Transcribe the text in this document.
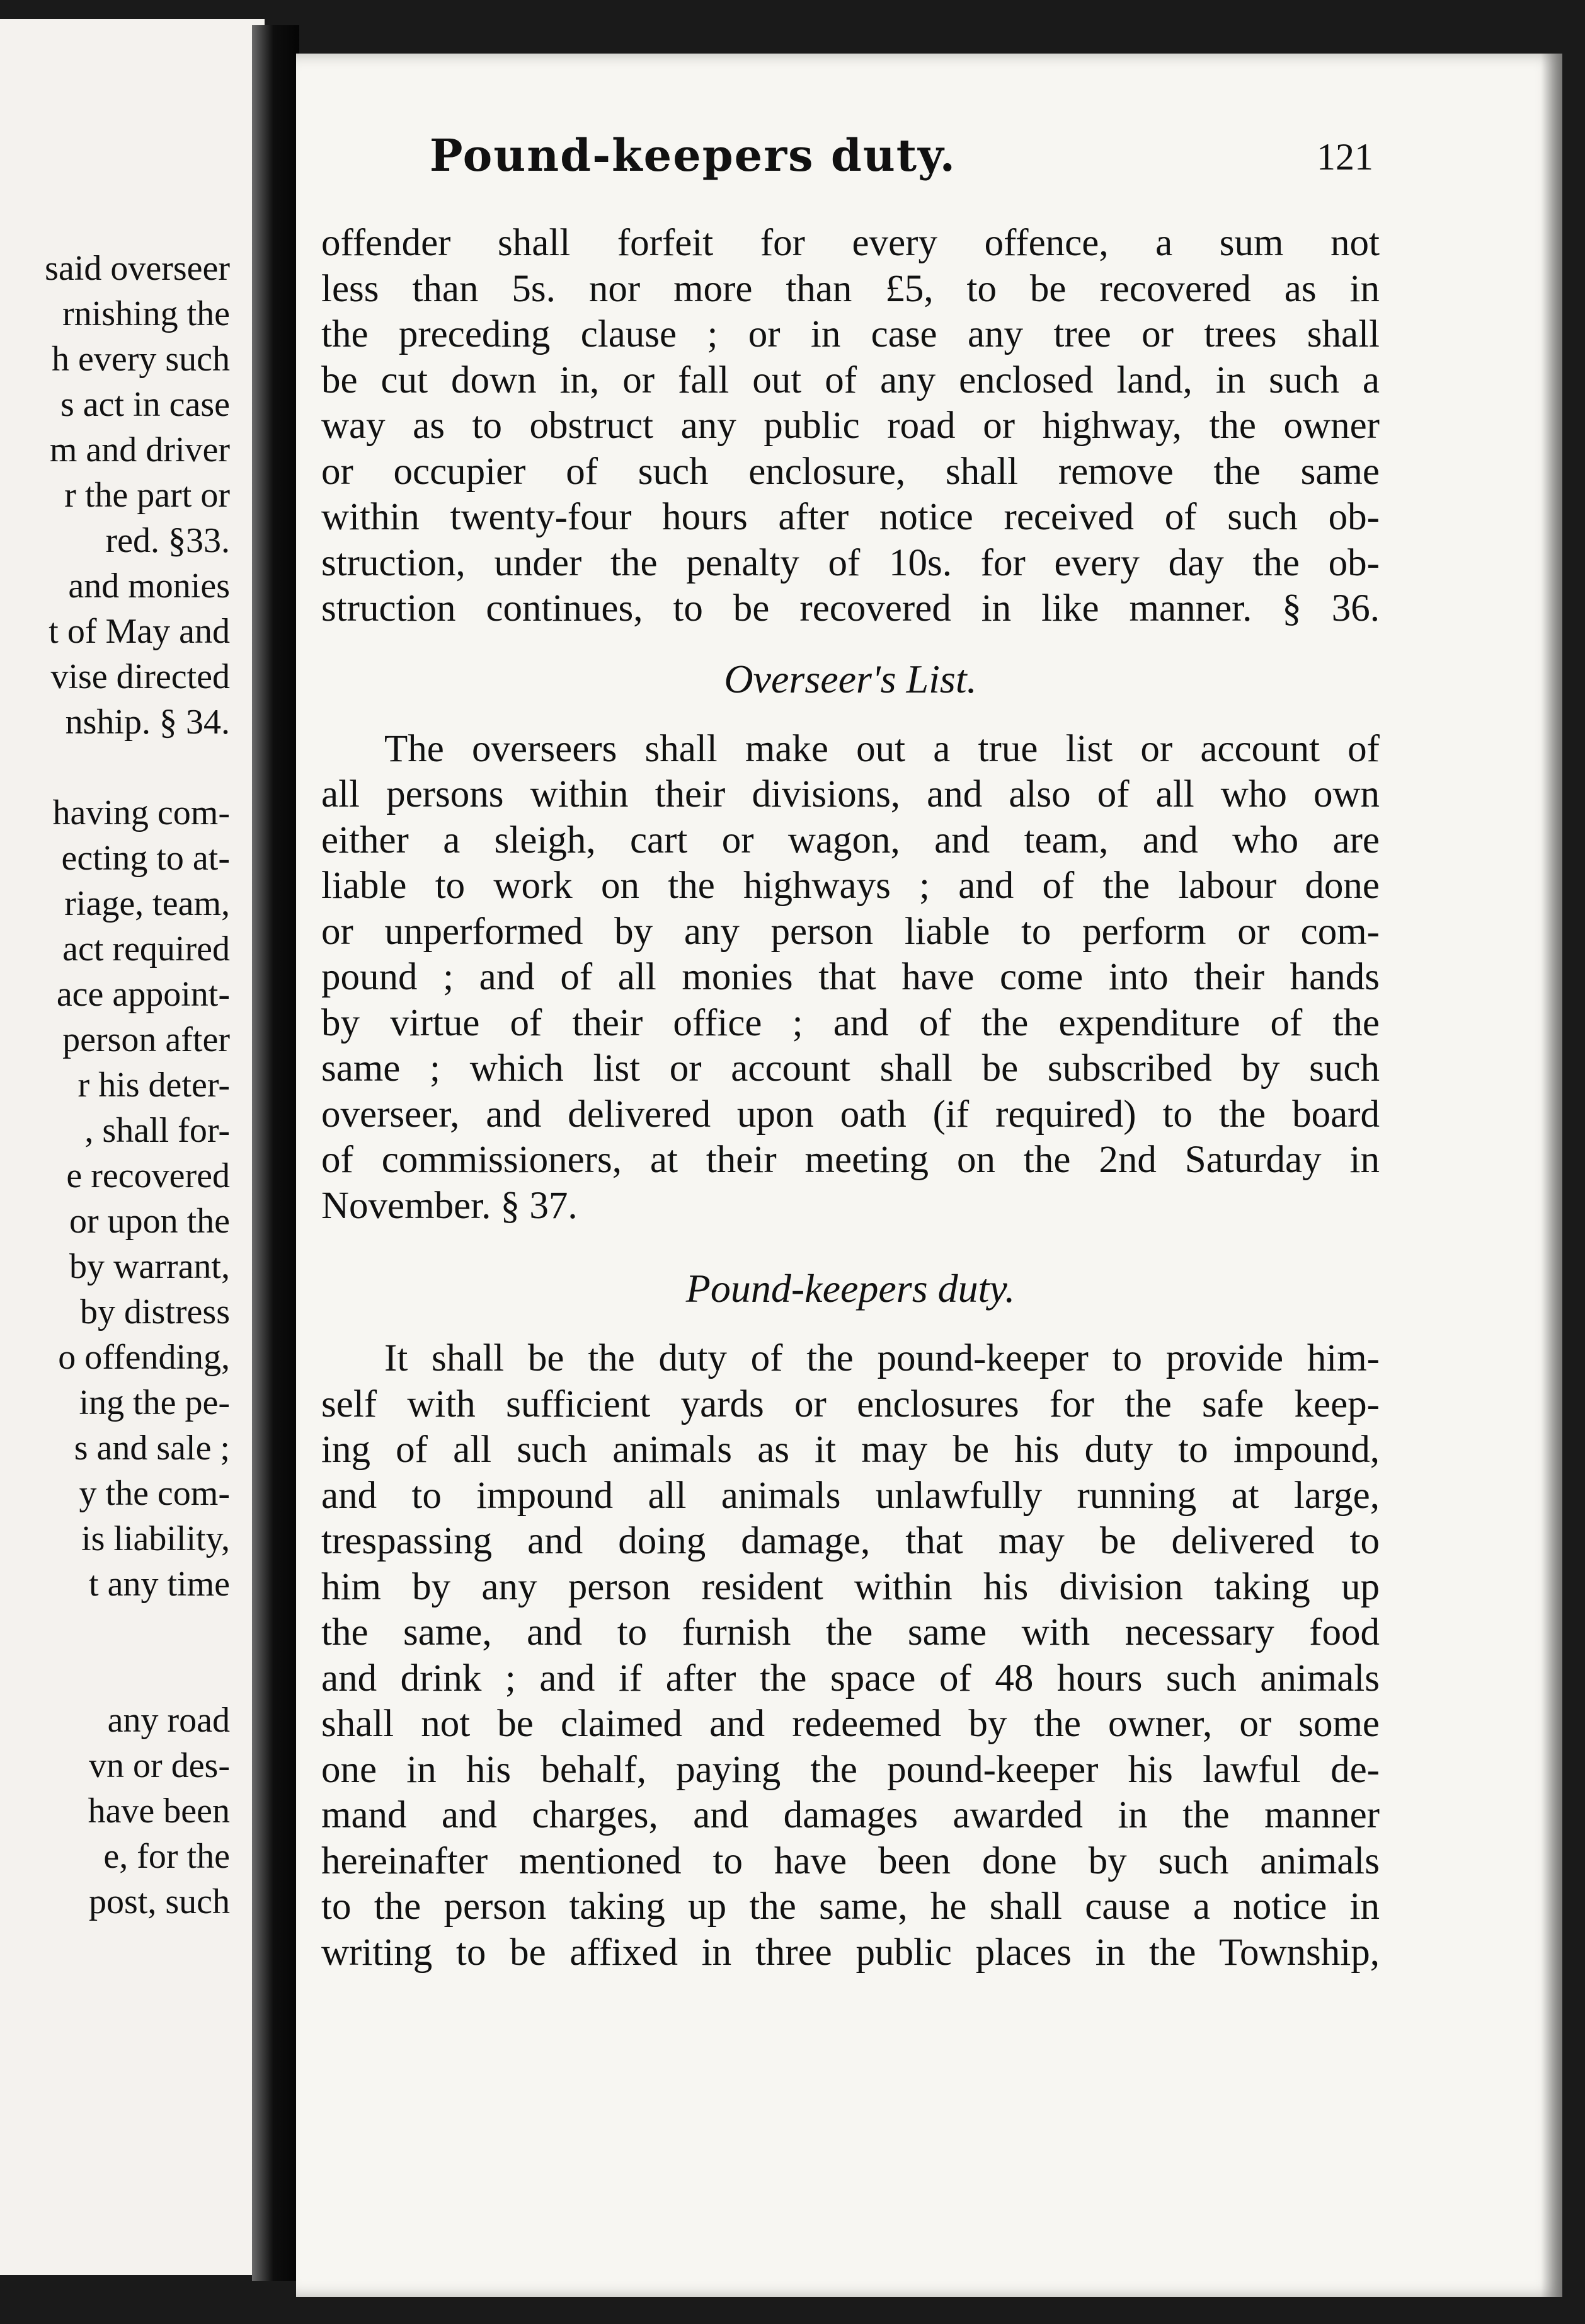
said overseer
rnishing the
h every such
s act in case
m and driver
r the part or
red. §33.
and monies
t of May and
vise directed
nship. § 34.
having com-
ecting to at-
riage, team,
act required
ace appoint-
person after
r his deter-
, shall for-
e recovered
or upon the
by warrant,
by distress
o offending,
ing the pe-
s and sale ;
y the com-
is liability,
t any time
any road
vn or des-
have been
e, for the
post, such
Pound-keepers duty.	121
offender shall forfeit for every offence, a sum not
less than 5s. nor more than £5, to be recovered as in
the preceding clause ; or in case any tree or trees shall
be cut down in, or fall out of any enclosed land, in such a
way as to obstruct any public road or highway, the owner
or occupier of such enclosure, shall remove the same
within twenty-four hours after notice received of such ob-
struction, under the penalty of 10s. for every day the ob-
struction continues, to be recovered in like manner. § 36.
Overseer's List.
The overseers shall make out a true list or account of
all persons within their divisions, and also of all who own
either a sleigh, cart or wagon, and team, and who are
liable to work on the highways ; and of the labour done
or unperformed by any person liable to perform or com-
pound ; and of all monies that have come into their hands
by virtue of their office ; and of the expenditure of the
same ; which list or account shall be subscribed by such
overseer, and delivered upon oath (if required) to the board
of commissioners, at their meeting on the 2nd Saturday in
November. § 37.
Pound-keepers duty.
It shall be the duty of the pound-keeper to provide him-
self with sufficient yards or enclosures for the safe keep-
ing of all such animals as it may be his duty to impound,
and to impound all animals unlawfully running at large,
trespassing and doing damage, that may be delivered to
him by any person resident within his division taking up
the same, and to furnish the same with necessary food
and drink ; and if after the space of 48 hours such animals
shall not be claimed and redeemed by the owner, or some
one in his behalf, paying the pound-keeper his lawful de-
mand and charges, and damages awarded in the manner
hereinafter mentioned to have been done by such animals
to the person taking up the same, he shall cause a notice in
writing to be affixed in three public places in the Township,
